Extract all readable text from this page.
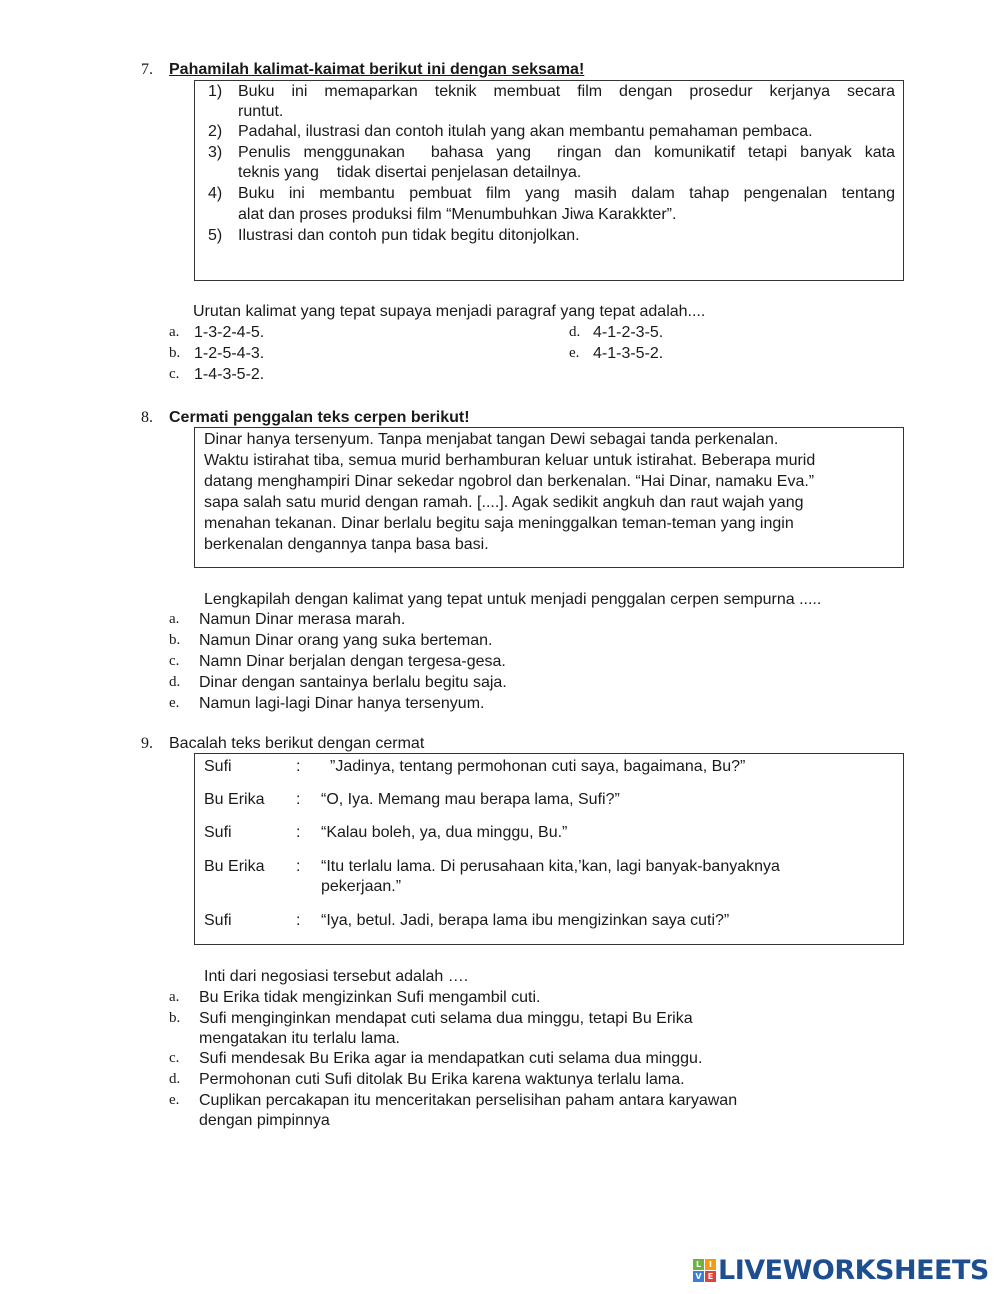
7. Pahamilah kalimat-kaimat berikut ini dengan seksama!
1) Buku ini memaparkan teknik membuat film dengan prosedur kerjanya secara
runtut.
2) Padahal, ilustrasi dan contoh itulah yang akan membantu pemahaman pembaca.
3) Penulis menggunakan  bahasa yang  ringan dan komunikatif tetapi banyak kata
teknis yang    tidak disertai penjelasan detailnya.
4) Buku ini membantu pembuat film yang masih dalam tahap pengenalan tentang
alat dan proses produksi film “Menumbuhkan Jiwa Karakkter”.
5) Ilustrasi dan contoh pun tidak begitu ditonjolkan.
Urutan kalimat yang tepat supaya menjadi paragraf yang tepat adalah....
a. 1-3-2-4-5.
b. 1-2-5-4-3.
c. 1-4-3-5-2.
d. 4-1-2-3-5.
e. 4-1-3-5-2.
8. Cermati penggalan teks cerpen berikut!
Dinar hanya tersenyum. Tanpa menjabat tangan Dewi sebagai tanda perkenalan.
Waktu istirahat tiba, semua murid berhamburan keluar untuk istirahat. Beberapa murid
datang menghampiri Dinar sekedar ngobrol dan berkenalan. “Hai Dinar, namaku Eva.”
sapa salah satu murid dengan ramah. [....]. Agak sedikit angkuh dan raut wajah yang
menahan tekanan. Dinar berlalu begitu saja meninggalkan teman-teman yang ingin
berkenalan dengannya tanpa basa basi.
Lengkapilah dengan kalimat yang tepat untuk menjadi penggalan cerpen sempurna .....
a. Namun Dinar merasa marah.
b. Namun Dinar orang yang suka berteman.
c. Namn Dinar berjalan dengan tergesa-gesa.
d. Dinar dengan santainya berlalu begitu saja.
e. Namun lagi-lagi Dinar hanya tersenyum.
9. Bacalah teks berikut dengan cermat
Sufi	: ”Jadinya, tentang permohonan cuti saya, bagaimana, Bu?”
Bu Erika : “O, Iya. Memang mau berapa lama, Sufi?”
Sufi	: “Kalau boleh, ya, dua minggu, Bu.”
Bu Erika : “Itu terlalu lama. Di perusahaan kita,’kan, lagi banyak-banyaknya
pekerjaan.”
Sufi	: “Iya, betul. Jadi, berapa lama ibu mengizinkan saya cuti?”
Inti dari negosiasi tersebut adalah ….
a. Bu Erika tidak mengizinkan Sufi mengambil cuti.
b. Sufi menginginkan mendapat cuti selama dua minggu, tetapi Bu Erika
mengatakan itu terlalu lama.
c. Sufi mendesak Bu Erika agar ia mendapatkan cuti selama dua minggu.
d. Permohonan cuti Sufi ditolak Bu Erika karena waktunya terlalu lama.
e. Cuplikan percakapan itu menceritakan perselisihan paham antara karyawan
dengan pimpinnya
L I
V E LIVEWORKSHEETS
